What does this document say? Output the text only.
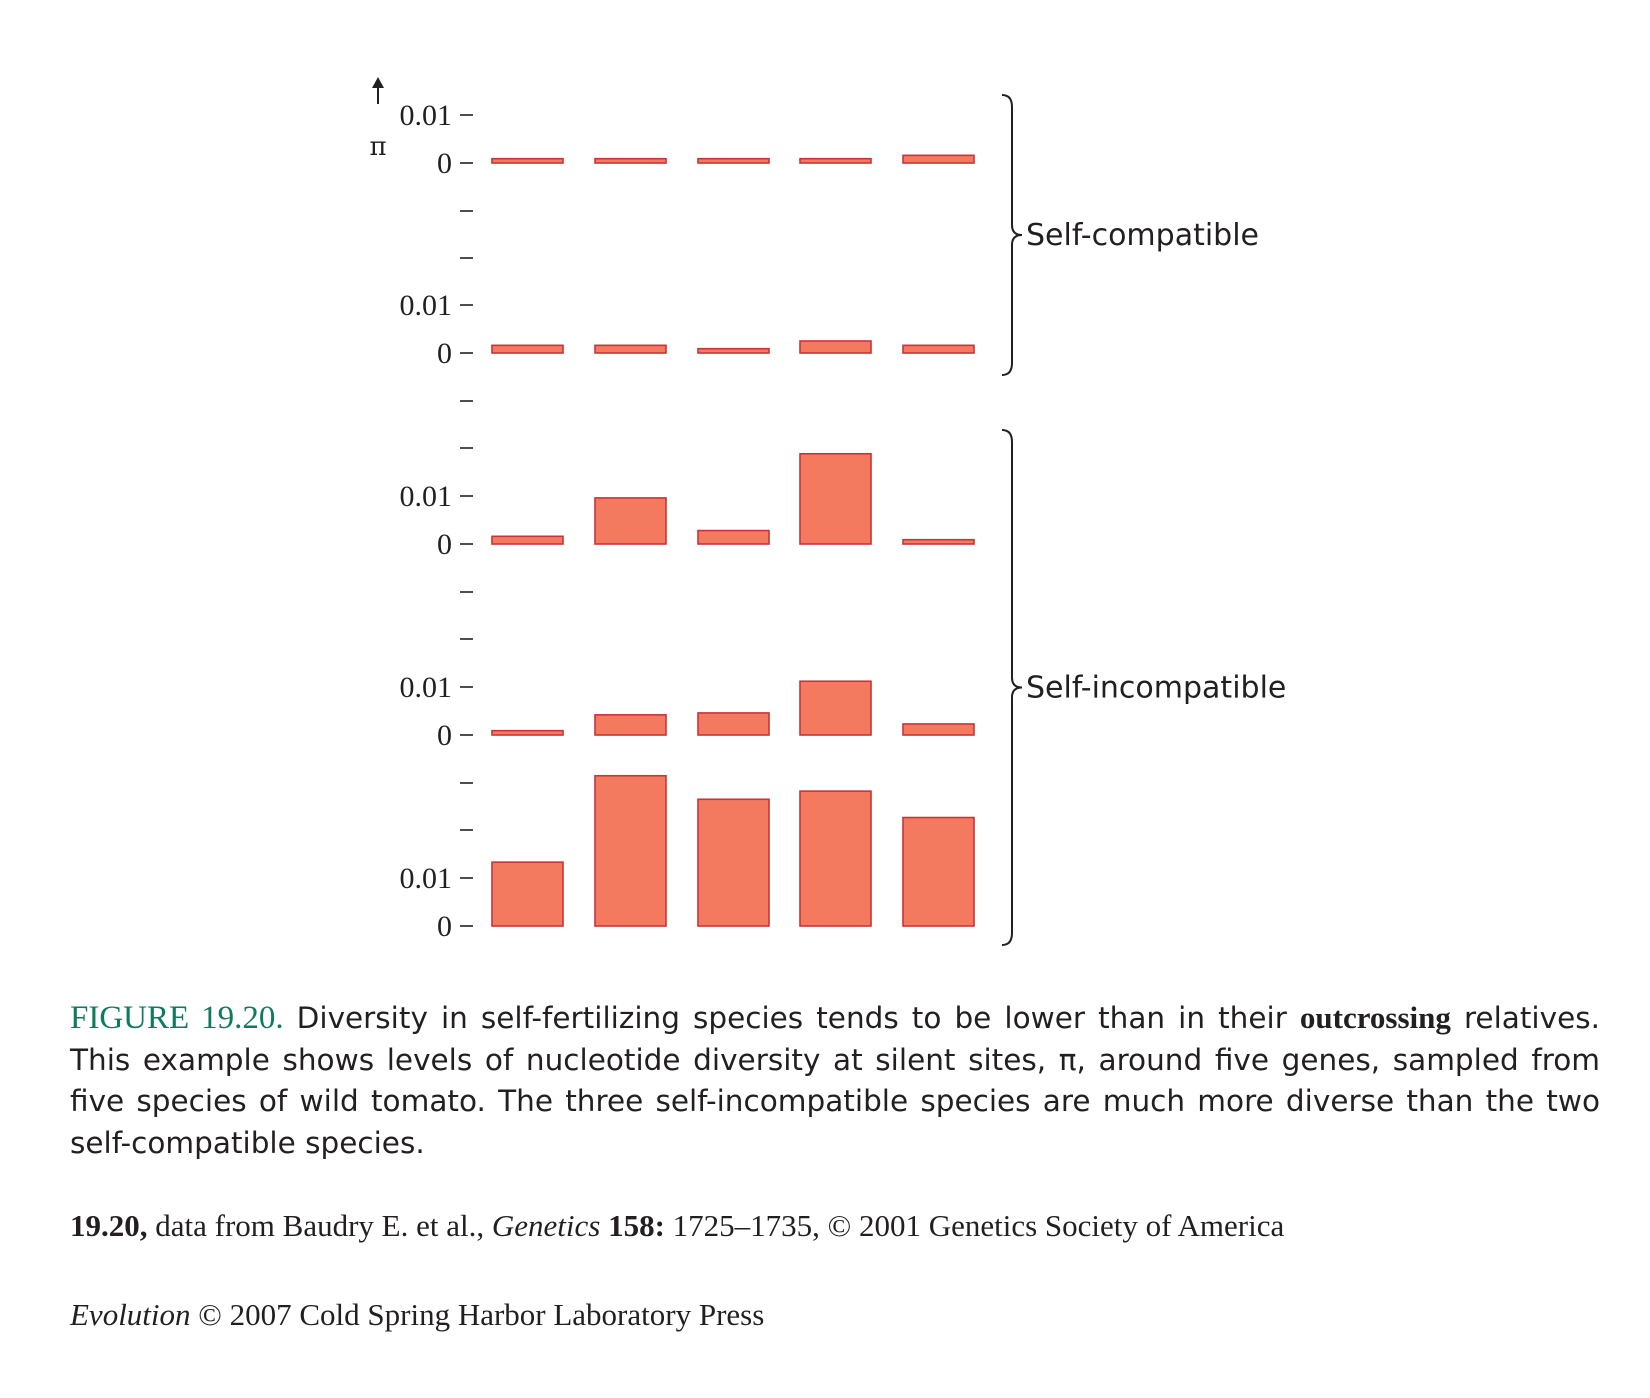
0.01
0
0.01
0
0.01
0
0.01
0
0.01
0
π
Self-compatible
Self-incompatible
FIGURE 19.20. Diversity in self-fertilizing species tends to be lower than in their outcrossing relatives. This example shows levels of nucleotide diversity at silent sites, π, around five genes, sampled from five species of wild tomato. The three self-incompatible species are much more diverse than the two self-compatible species.
19.20, data from Baudry E. et al., Genetics 158: 1725–1735, © 2001 Genetics Society of America
Evolution © 2007 Cold Spring Harbor Laboratory Press
